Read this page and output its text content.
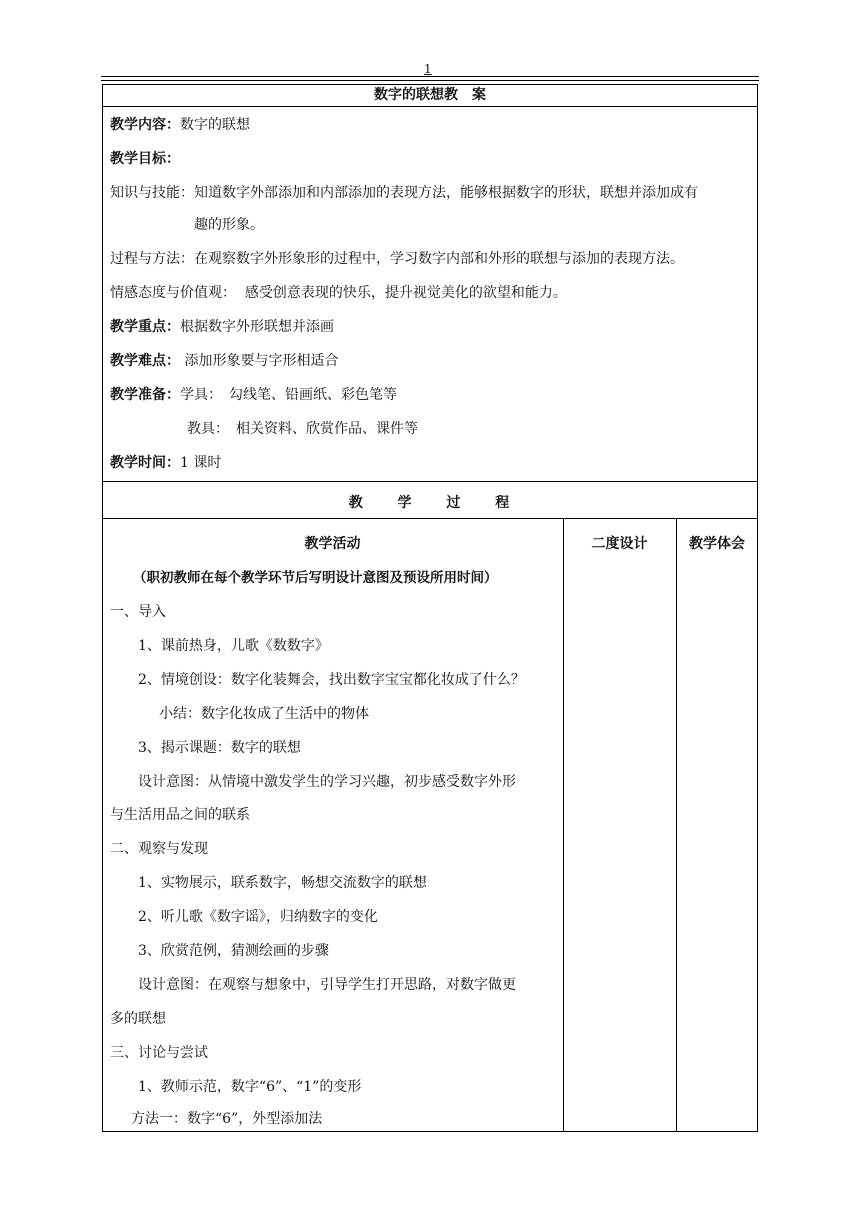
1
数字的联想教　案
教学内容：数字的联想
教学目标：
知识与技能：知道数字外部添加和内部添加的表现方法，能够根据数字的形状，联想并添加成有
趣的形象。
过程与方法：在观察数字外形象形的过程中，学习数字内部和外形的联想与添加的表现方法。
情感态度与价值观： 感受创意表现的快乐，提升视觉美化的欲望和能力。
教学重点：根据数字外形联想并添画
教学难点： 添加形象要与字形相适合
教学准备：学具：　勾线笔、铅画纸、彩色笔等
教具：　相关资料、欣赏作品、课件等
教学时间：1 课时
教 学 过 程
教学活动	二度设计	教学体会
（职初教师在每个教学环节后写明设计意图及预设所用时间）
一、导入
1、课前热身，儿歌《数数字》
2、情境创设：数字化装舞会，找出数字宝宝都化妆成了什么？
小结：数字化妆成了生活中的物体
3、揭示课题：数字的联想
设计意图：从情境中激发学生的学习兴趣，初步感受数字外形
与生活用品之间的联系
二、观察与发现
1、实物展示，联系数字，畅想交流数字的联想
2、听儿歌《数字谣》，归纳数字的变化
3、欣赏范例，猜测绘画的步骤
设计意图：在观察与想象中，引导学生打开思路，对数字做更
多的联想
三、讨论与尝试
1、教师示范，数字“6”、“1”的变形
方法一：数字“6”，外型添加法
